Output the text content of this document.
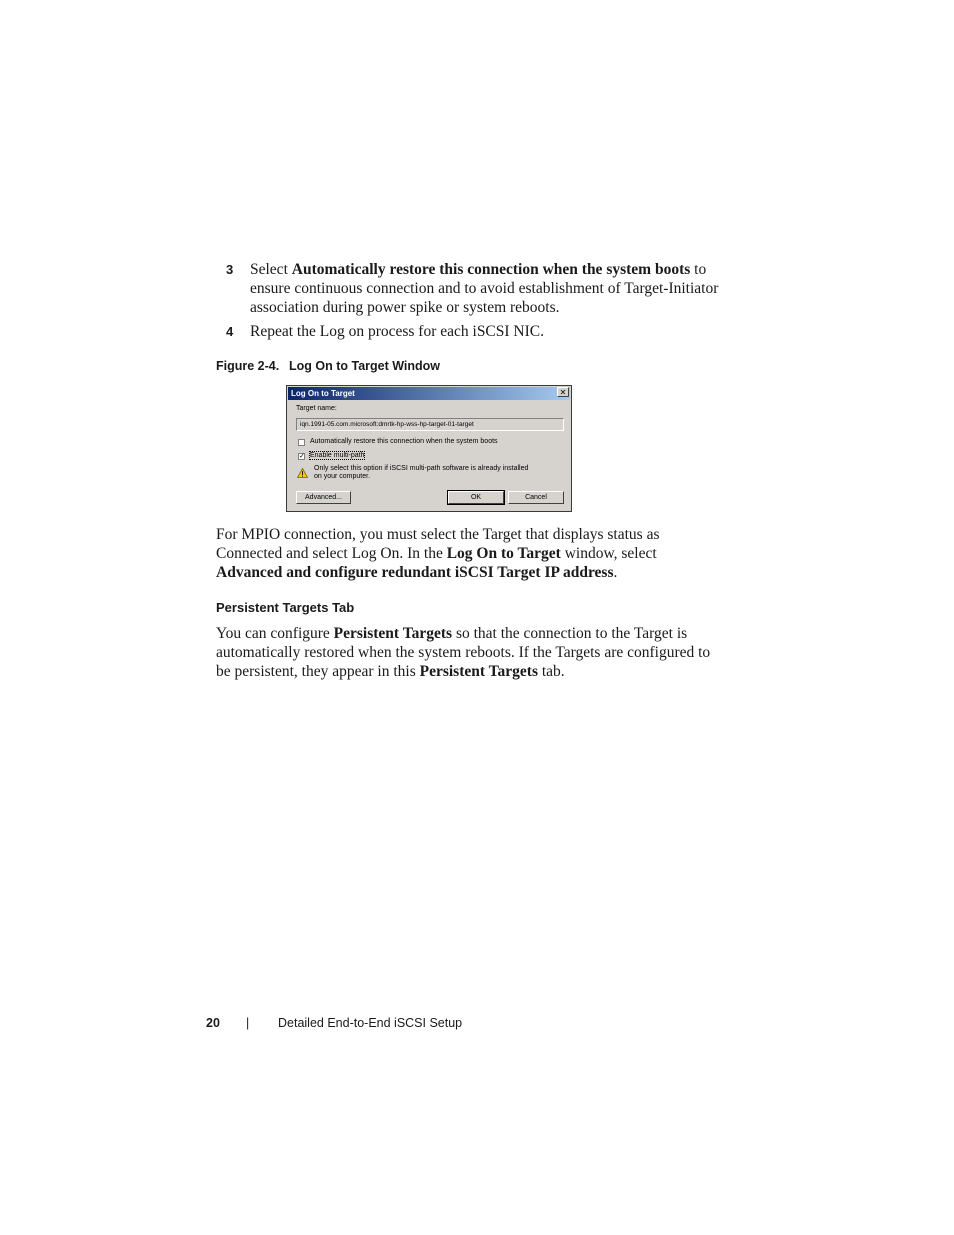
3 Select Automatically restore this connection when the system boots to ensure continuous connection and to avoid establishment of Target-Initiator association during power spike or system reboots.
4 Repeat the Log on process for each iSCSI NIC.
Figure 2-4. Log On to Target Window
Log On to Target	✕
Target name:
iqn.1991-05.com.microsoft:dmrtk-hp-wss-hp-target-01-target
Automatically restore this connection when the system boots
✓ Enable multi-path
Only select this option if iSCSI multi-path software is already installed
on your computer.
Advanced...	OK	Cancel
For MPIO connection, you must select the Target that displays status as Connected and select Log On. In the Log On to Target window, select Advanced and configure redundant iSCSI Target IP address.
Persistent Targets Tab
You can configure Persistent Targets so that the connection to the Target is automatically restored when the system reboots. If the Targets are configured to be persistent, they appear in this Persistent Targets tab.
20 | Detailed End-to-End iSCSI Setup
